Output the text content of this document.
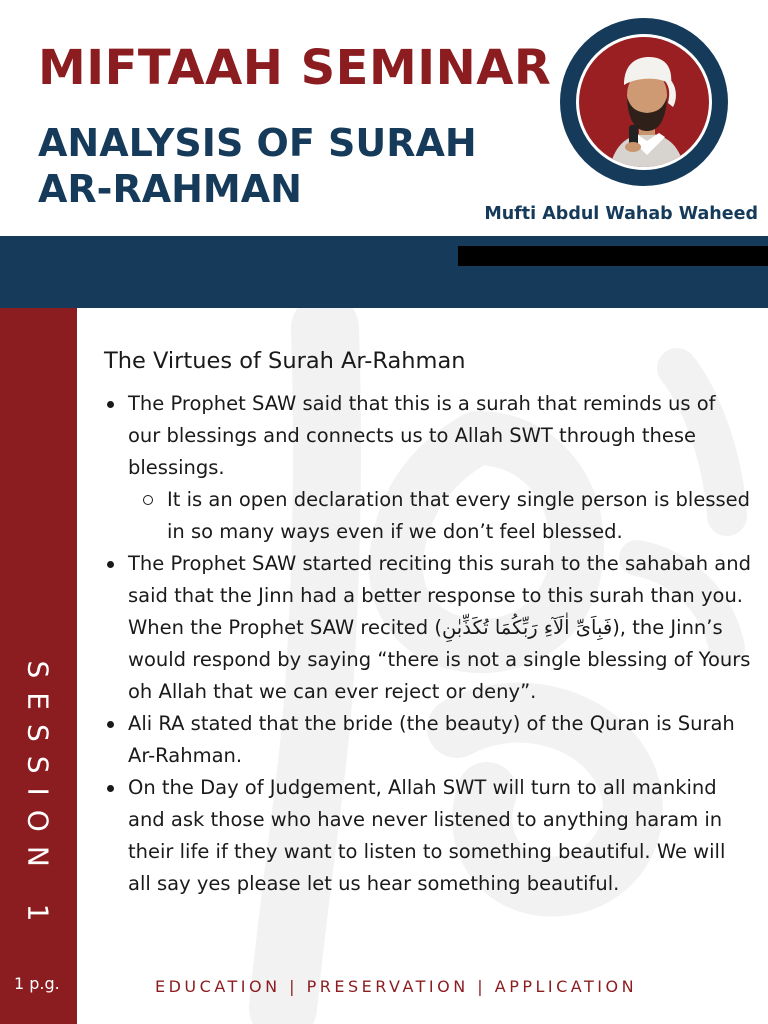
MIFTAAH SEMINAR
ANALYSIS OF SURAH
AR-RAHMAN
Mufti Abdul Wahab Waheed
SESSION 1
1 p.g.
The Virtues of Surah Ar-Rahman
The Prophet SAW said that this is a surah that reminds us of our blessings and connects us to Allah SWT through these blessings.
It is an open declaration that every single person is blessed in so many ways even if we don’t feel blessed.
The Prophet SAW started reciting this surah to the sahabah and said that the Jinn had a better response to this surah than you. When the Prophet SAW recited (فَبِاَىِّ اٰلَآءِ رَبِّكُمَا تُكَذِّبٰنِ), the Jinn’s would respond by saying “there is not a single blessing of Yours oh Allah that we can ever reject or deny”.
Ali RA stated that the bride (the beauty) of the Quran is Surah Ar-Rahman.
On the Day of Judgement, Allah SWT will turn to all mankind and ask those who have never listened to anything haram in their life if they want to listen to something beautiful. We will all say yes please let us hear something beautiful.
EDUCATION | PRESERVATION | APPLICATION
